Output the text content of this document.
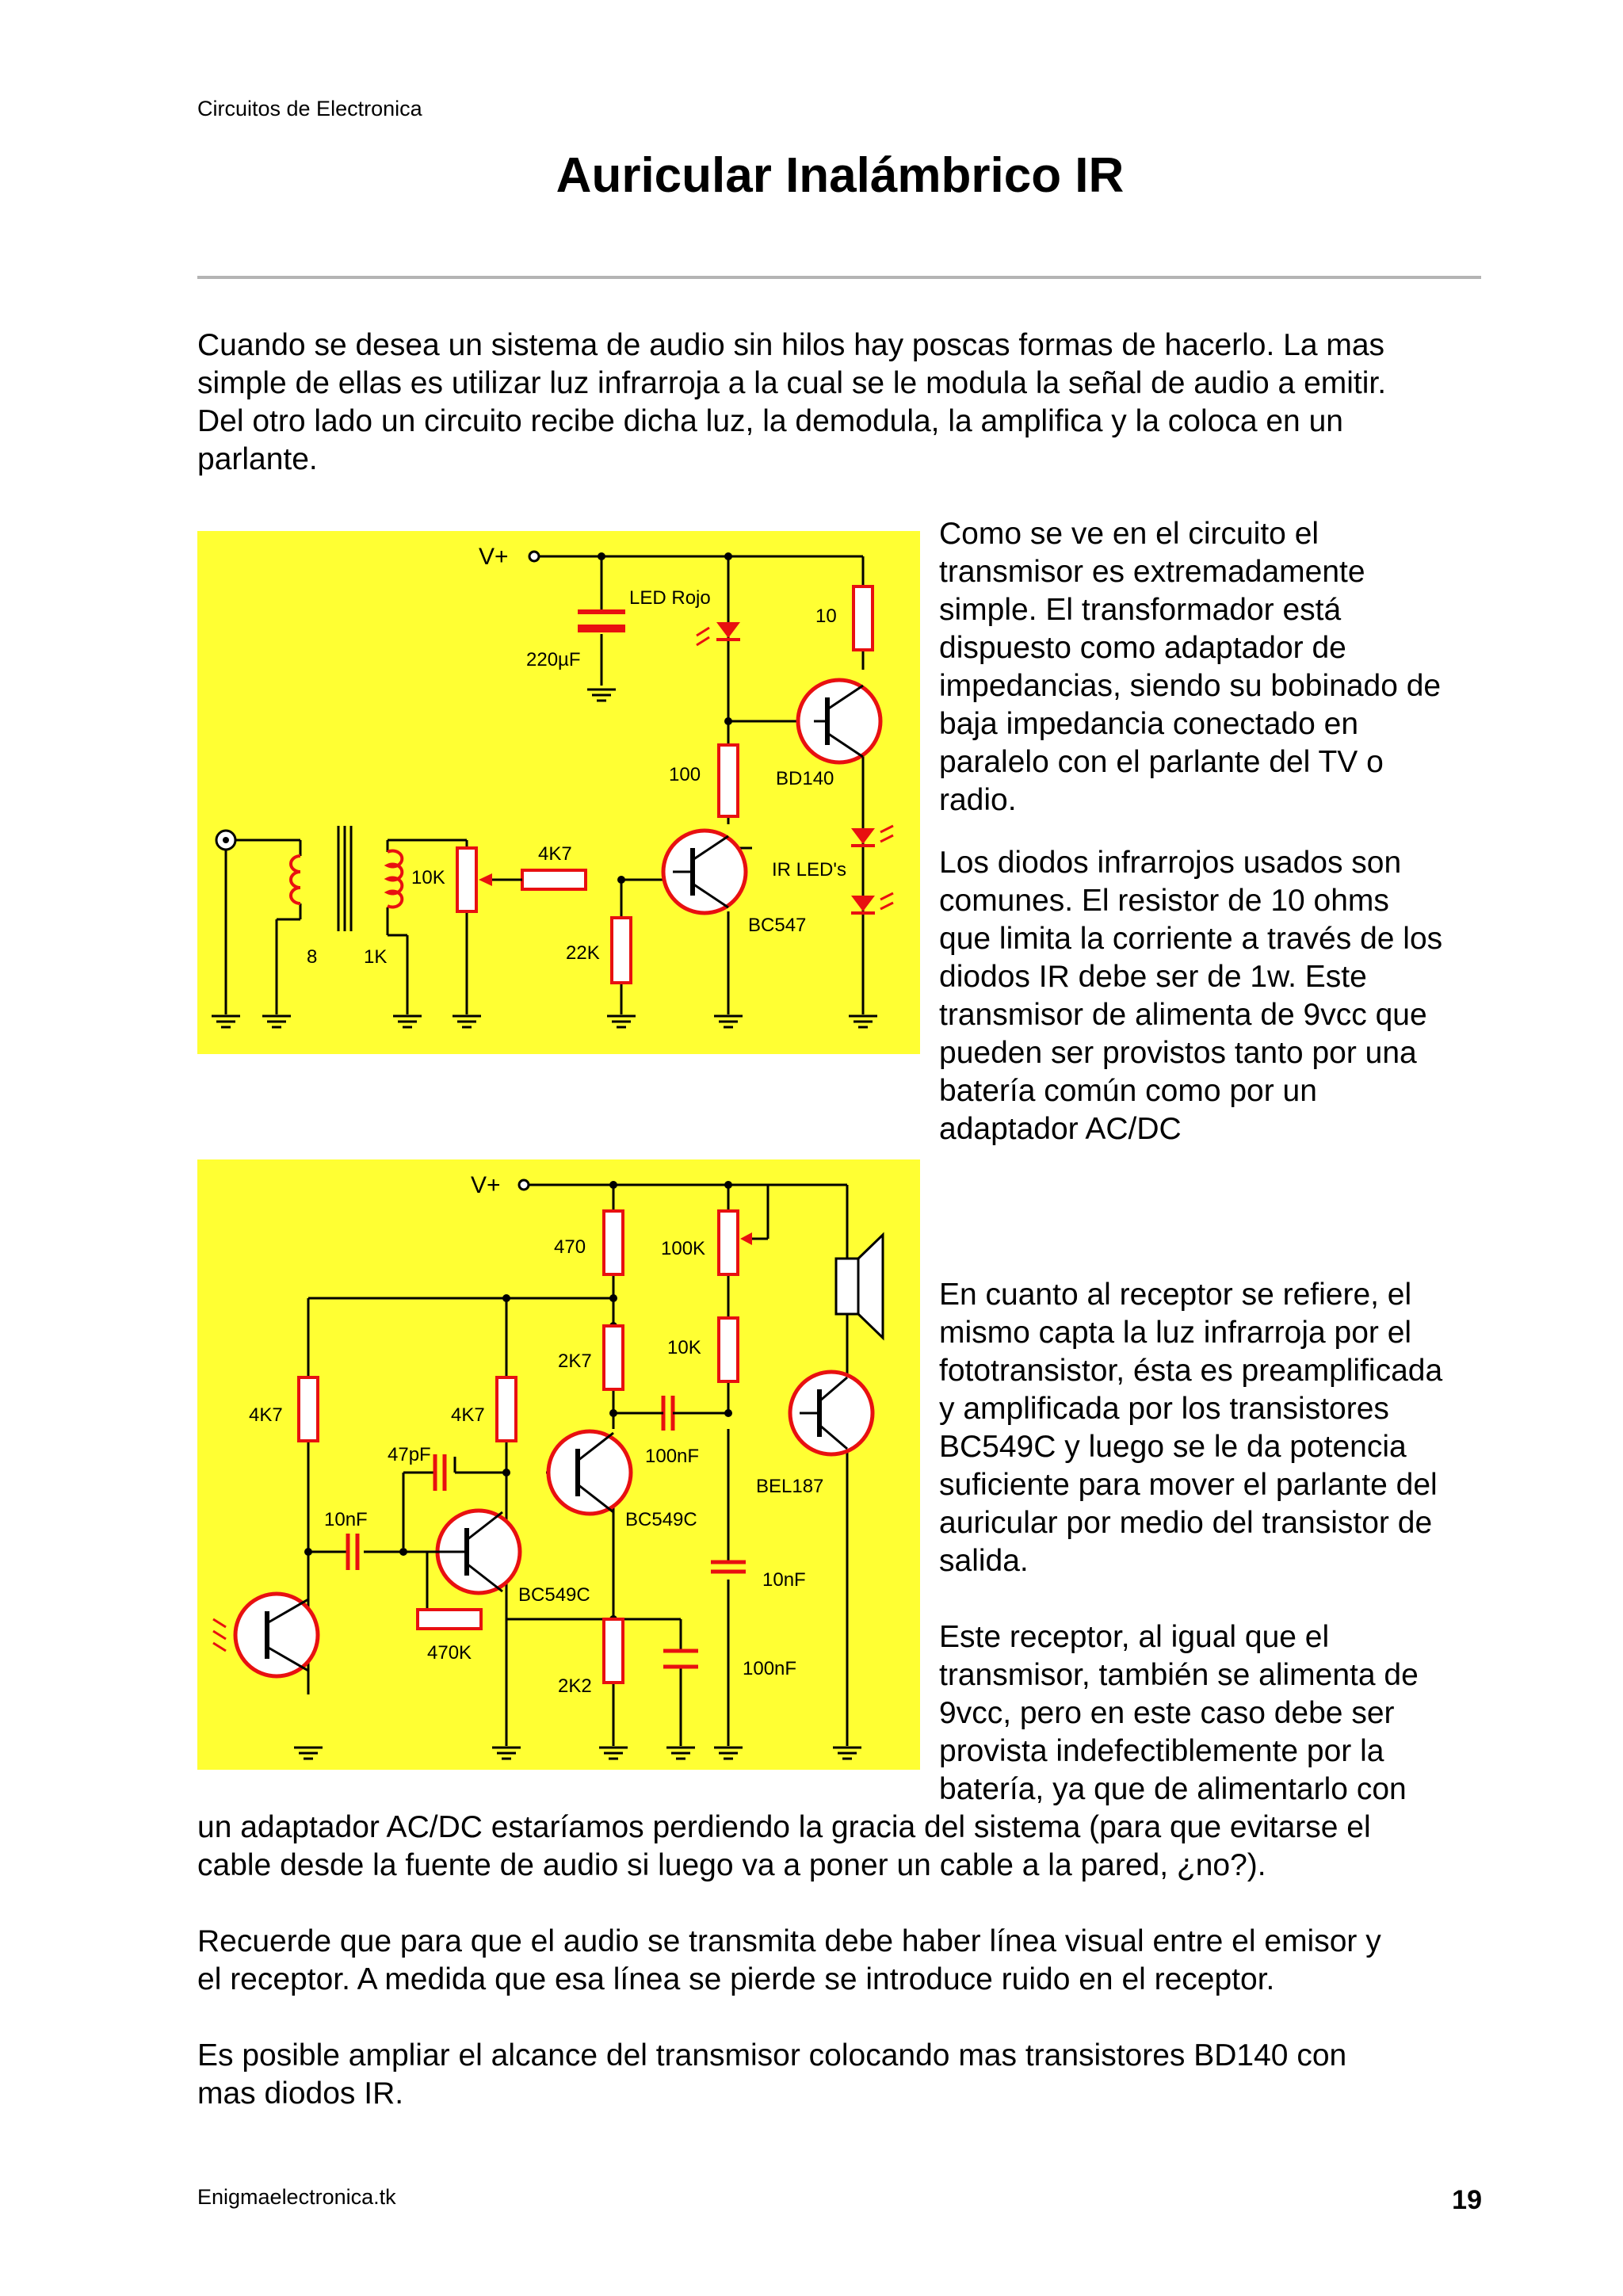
Circuitos de Electronica
Auricular Inalámbrico IR
Cuando se desea un sistema de audio sin hilos hay poscas formas de hacerlo. La mas
simple de ellas es utilizar luz infrarroja a la cual se le modula la señal de audio a emitir.
Del otro lado un circuito recibe dicha luz, la demodula, la amplifica y la coloca en un
parlante.
V+
LED Rojo
220µF
10
100	BD140
IR LED's
4K7
10K
22K
BC547
8 1K
V+
470	100K
2K7
10K
4K7	4K7
47pF	100nF
BEL187
10nF	BC549C
BC549C
10nF
470K
2K2
100nF
Como se ve en el circuito el
transmisor es extremadamente
simple. El transformador está
dispuesto como adaptador de
impedancias, siendo su bobinado de
baja impedancia conectado en
paralelo con el parlante del TV o
radio.
Los diodos infrarrojos usados son
comunes. El resistor de 10 ohms
que limita la corriente a través de los
diodos IR debe ser de 1w. Este
transmisor de alimenta de 9vcc que
pueden ser provistos tanto por una
batería común como por un
adaptador AC/DC
En cuanto al receptor se refiere, el
mismo capta la luz infrarroja por el
fototransistor, ésta es preamplificada
y amplificada por los transistores
BC549C y luego se le da potencia
suficiente para mover el parlante del
auricular por medio del transistor de
salida.
Este receptor, al igual que el
transmisor, también se alimenta de
9vcc, pero en este caso debe ser
provista indefectiblemente por la
batería, ya que de alimentarlo con
un adaptador AC/DC estaríamos perdiendo la gracia del sistema (para que evitarse el
cable desde la fuente de audio si luego va a poner un cable a la pared, ¿no?).
Recuerde que para que el audio se transmita debe haber línea visual entre el emisor y
el receptor. A medida que esa línea se pierde se introduce ruido en el receptor.
Es posible ampliar el alcance del transmisor colocando mas transistores BD140 con
mas diodos IR.
Enigmaelectronica.tk	19
